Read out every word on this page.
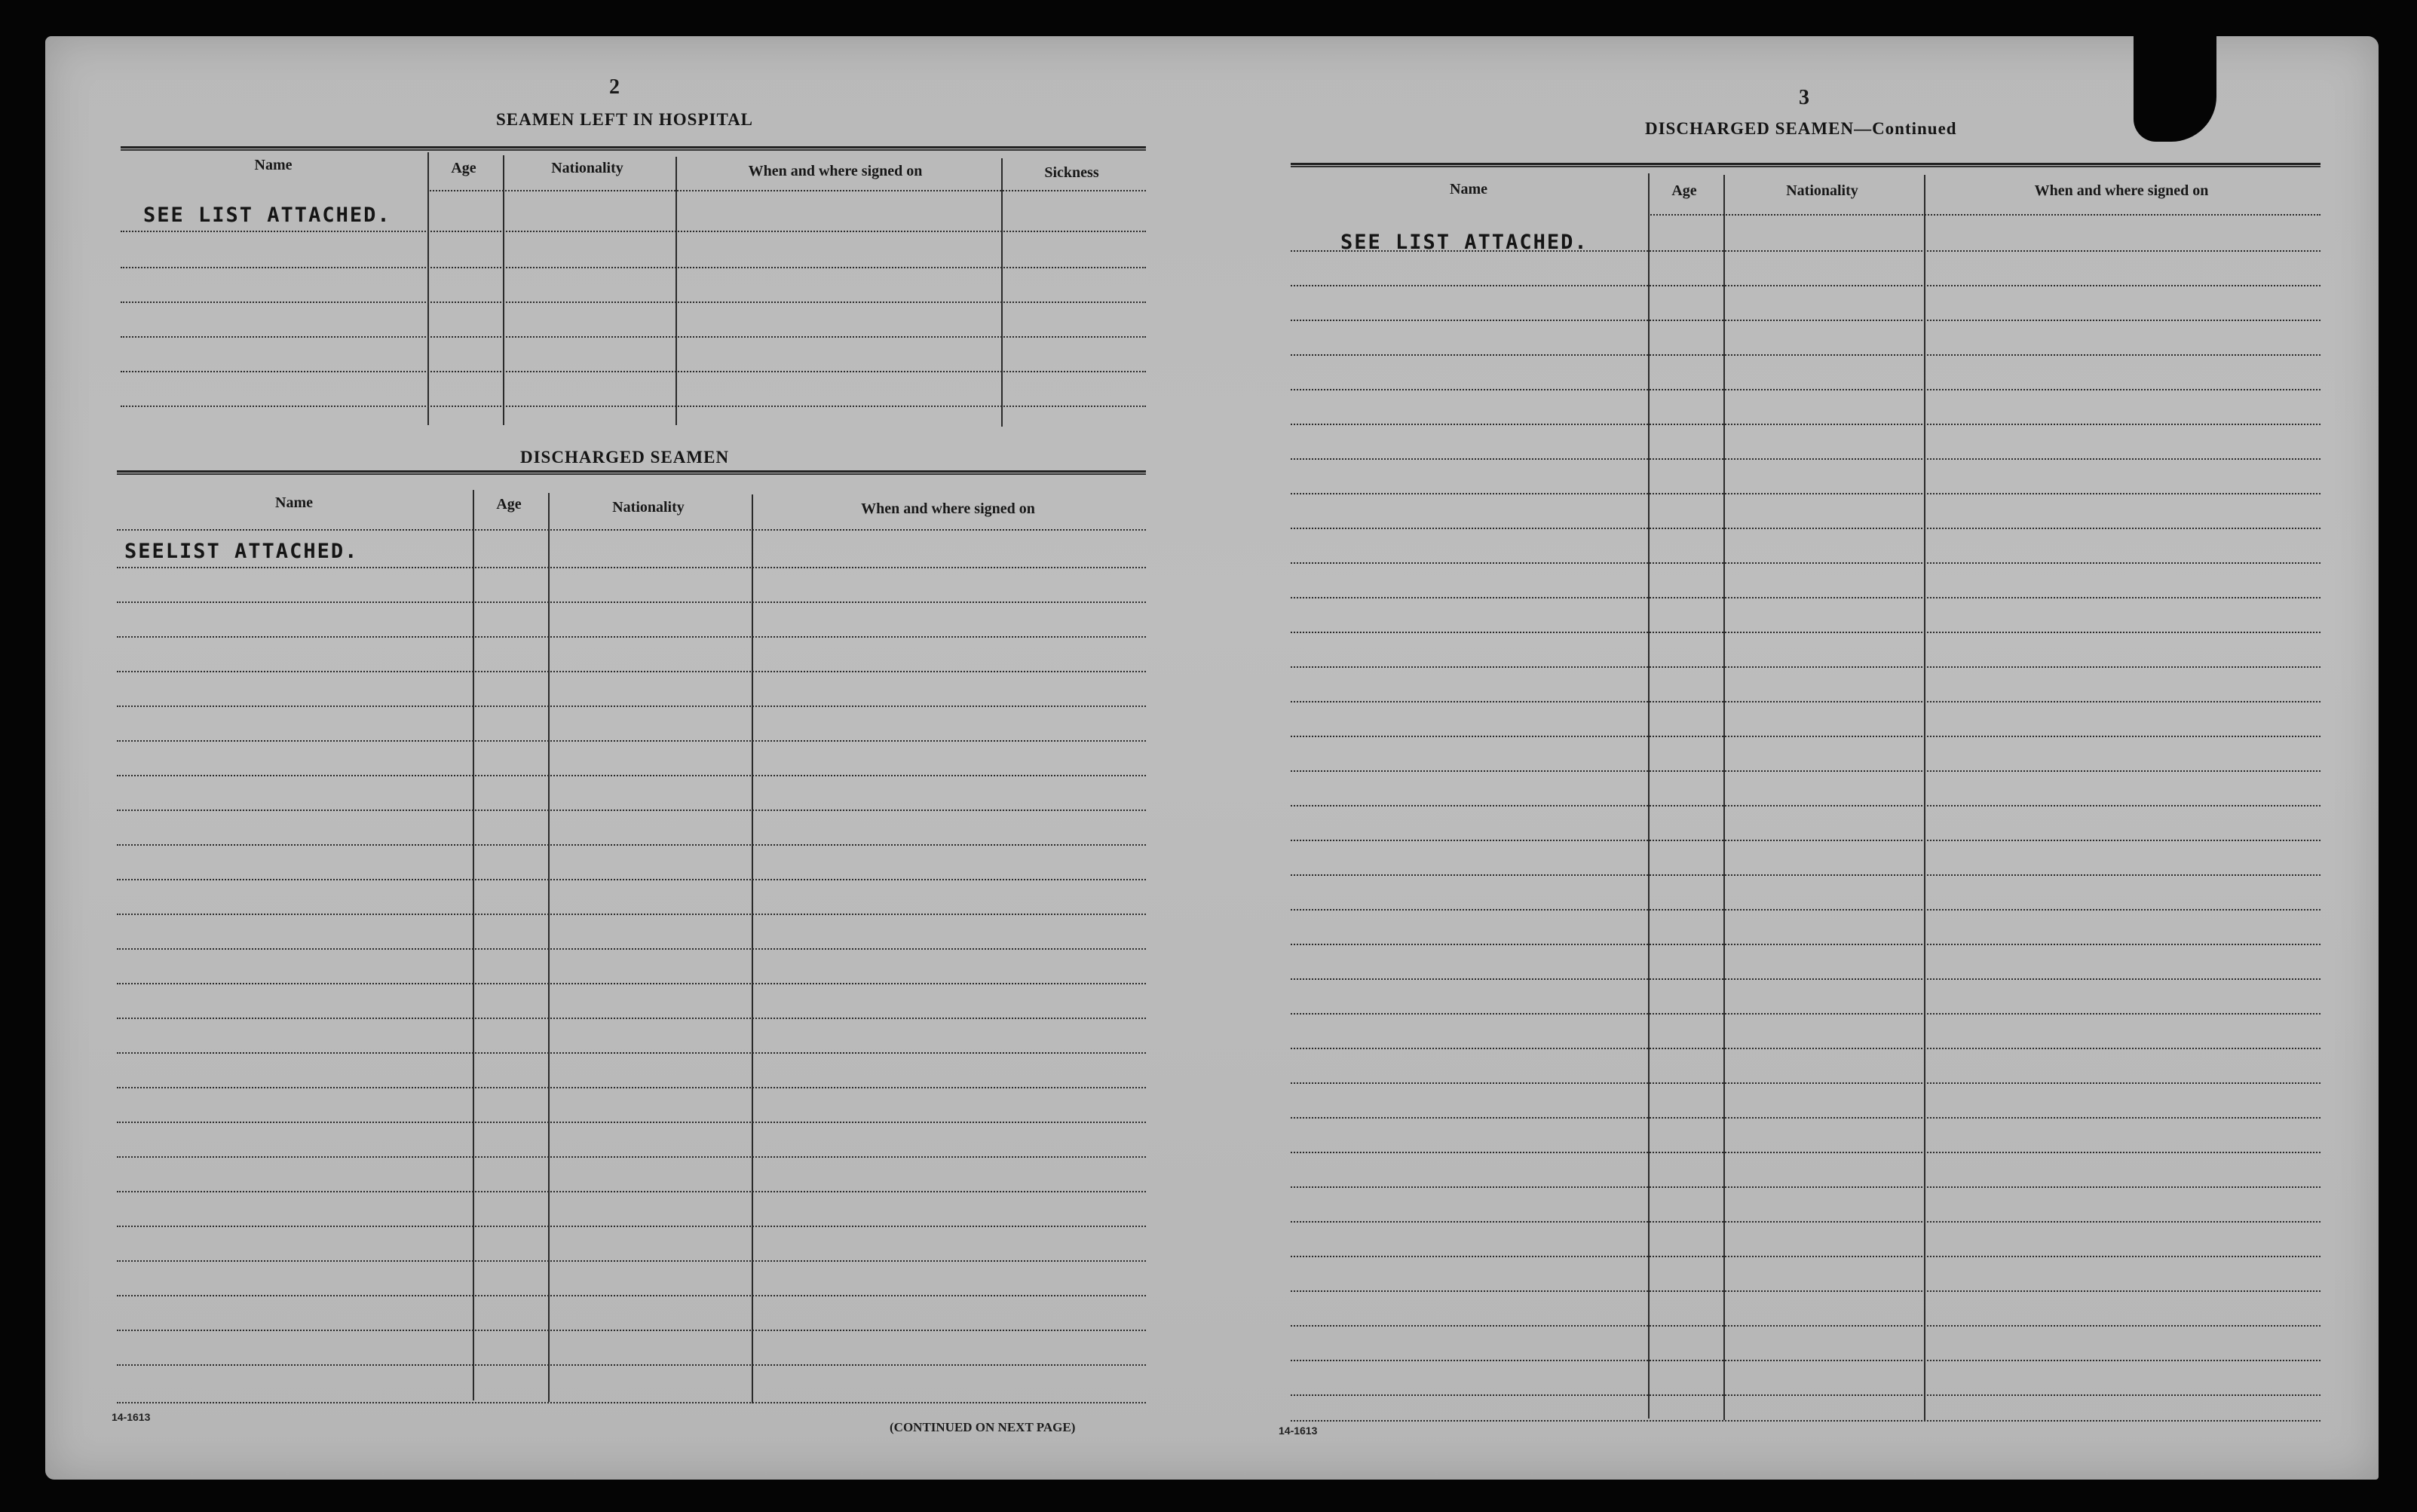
2
SEAMEN LEFT IN HOSPITAL
Name	Age	Nationality	When and where signed on	Sickness
SEE LIST ATTACHED.
DISCHARGED SEAMEN
Name	Age	Nationality	When and where signed on
SEELIST ATTACHED.
14-1613
(CONTINUED ON NEXT PAGE)
3
DISCHARGED SEAMEN—Continued
Name	Age	Nationality	When and where signed on
SEE LIST ATTACHED.
14-1613
